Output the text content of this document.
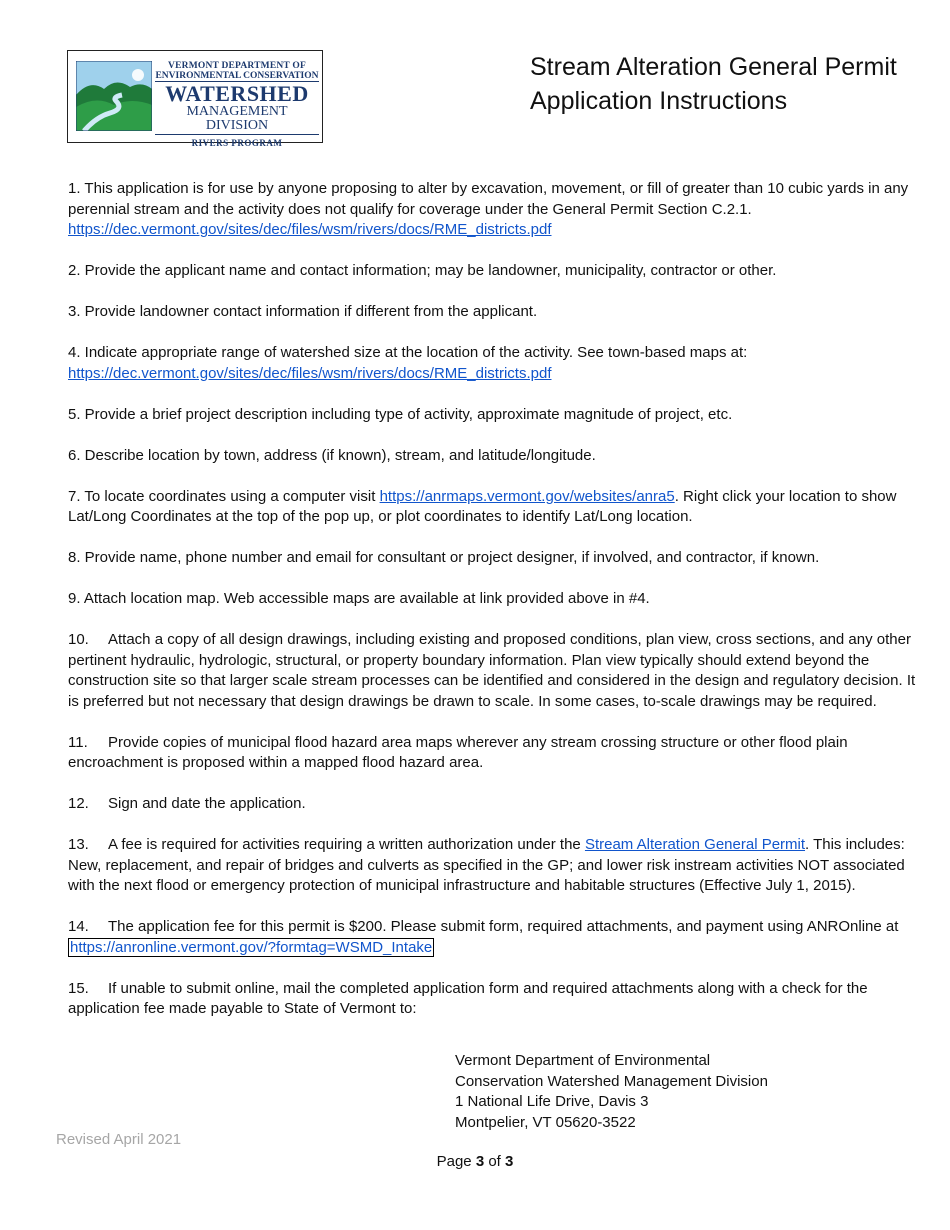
VERMONT DEPARTMENT OF
ENVIRONMENTAL CONSERVATION
WATERSHED
MANAGEMENT DIVISION
RIVERS PROGRAM
Stream Alteration General Permit
Application Instructions

1. This application is for use by anyone proposing to alter by excavation, movement, or fill of greater than 10 cubic yards in any perennial stream and the activity does not qualify for coverage under the General Permit Section C.2.1. https://dec.vermont.gov/sites/dec/files/wsm/rivers/docs/RME_districts.pdf

2. Provide the applicant name and contact information; may be landowner, municipality, contractor or other.

3. Provide landowner contact information if different from the applicant.

4. Indicate appropriate range of watershed size at the location of the activity. See town-based maps at:
https://dec.vermont.gov/sites/dec/files/wsm/rivers/docs/RME_districts.pdf

5. Provide a brief project description including type of activity, approximate magnitude of project, etc.

6. Describe location by town, address (if known), stream, and latitude/longitude.

7. To locate coordinates using a computer visit https://anrmaps.vermont.gov/websites/anra5. Right click your location to show Lat/Long Coordinates at the top of the pop up, or plot coordinates to identify Lat/Long location.

8. Provide name, phone number and email for consultant or project designer, if involved, and contractor, if known.

9. Attach location map. Web accessible maps are available at link provided above in #4.

10. Attach a copy of all design drawings, including existing and proposed conditions, plan view, cross sections, and any other pertinent hydraulic, hydrologic, structural, or property boundary information. Plan view typically should extend beyond the construction site so that larger scale stream processes can be identified and considered in the design and regulatory decision. It is preferred but not necessary that design drawings be drawn to scale. In some cases, to-scale drawings may be required.

11. Provide copies of municipal flood hazard area maps wherever any stream crossing structure or other flood plain encroachment is proposed within a mapped flood hazard area.

12. Sign and date the application.

13. A fee is required for activities requiring a written authorization under the Stream Alteration General Permit. This includes: New, replacement, and repair of bridges and culverts as specified in the GP; and lower risk instream activities NOT associated with the next flood or emergency protection of municipal infrastructure and habitable structures (Effective July 1, 2015).

14. The application fee for this permit is $200. Please submit form, required attachments, and payment using ANROnline at https://anronline.vermont.gov/?formtag=WSMD_Intake

15. If unable to submit online, mail the completed application form and required attachments along with a check for the application fee made payable to State of Vermont to:

Vermont Department of Environmental
Conservation Watershed Management Division
1 National Life Drive, Davis 3
Montpelier, VT 05620-3522
Revised April 2021
Page 3 of 3
